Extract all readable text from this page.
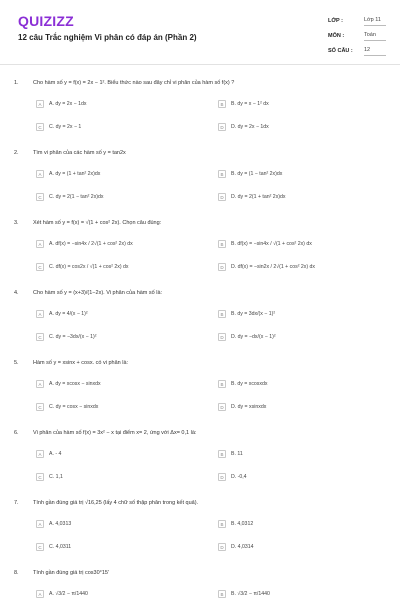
QUIZIZZ
12 câu Trắc nghiệm Vi phân có đáp án (Phần 2)
LỚP :	Lớp 11
MÔN :	Toán
SỐ CÂU : 12
1.	Cho hàm số y = f(x) = 2x − 1². Biểu thức nào sau đây chỉ vi phân của hàm số f(x) ?
A	A. dy = 2x − 1dx	B	B. dy = x − 1² dx
C	C. dy = 2x − 1	D	D. dy = 2x − 1dx
2.	Tìm vi phân của các hàm số y = tan2x
A	A. dy = (1 + tan² 2x)dx	B	B. dy = (1 − tan² 2x)dx
C	C. dy = 2(1 − tan² 2x)dx	D	D. dy = 2(1 + tan² 2x)dx
3.	Xét hàm số y = f(x) = √(1 + cos² 2x). Chọn câu đúng:
A	A. df(x) = −sin4x / 2√(1 + cos² 2x) dx	B	B. df(x) = −sin4x / √(1 + cos² 2x) dx
C	C. df(x) = cos2x / √(1 + cos² 2x) dx	D	D. df(x) = −sin2x / 2√(1 + cos² 2x) dx
4.	Cho hàm số y = (x+3)/(1−2x). Vi phân của hàm số là:
A	A. dy = 4/(x − 1)²	B	B. dy = 3dx/(x − 1)²
C	C. dy = −3dx/(x − 1)²	D	D. dy = −dx/(x − 1)²
5.	Hàm số y = xsinx + cosx. có vi phân là:
A	A. dy = xcosx − sinxdx	B	B. dy = xcosxdx
C	C. dy = cosx − sinxdx	D	D. dy = xsinxdx
6.	Vi phân của hàm số f(x) = 3x² − x tại điểm x= 2, ứng với Δx= 0,1 là:
A	A. - 4	B	B. 11
C	C. 1,1	D	D. -0,4
7.	Tính gần đúng giá trị √16,25 (lấy 4 chữ số thập phân trong kết quả).
A	A. 4,0313	B	B. 4,0312
C	C. 4,0311	D	D. 4,0314
8.	Tính gần đúng giá trị cos30°15'
A	A. √3/2 − π/1440	B	B. √3/2 − π/1440
